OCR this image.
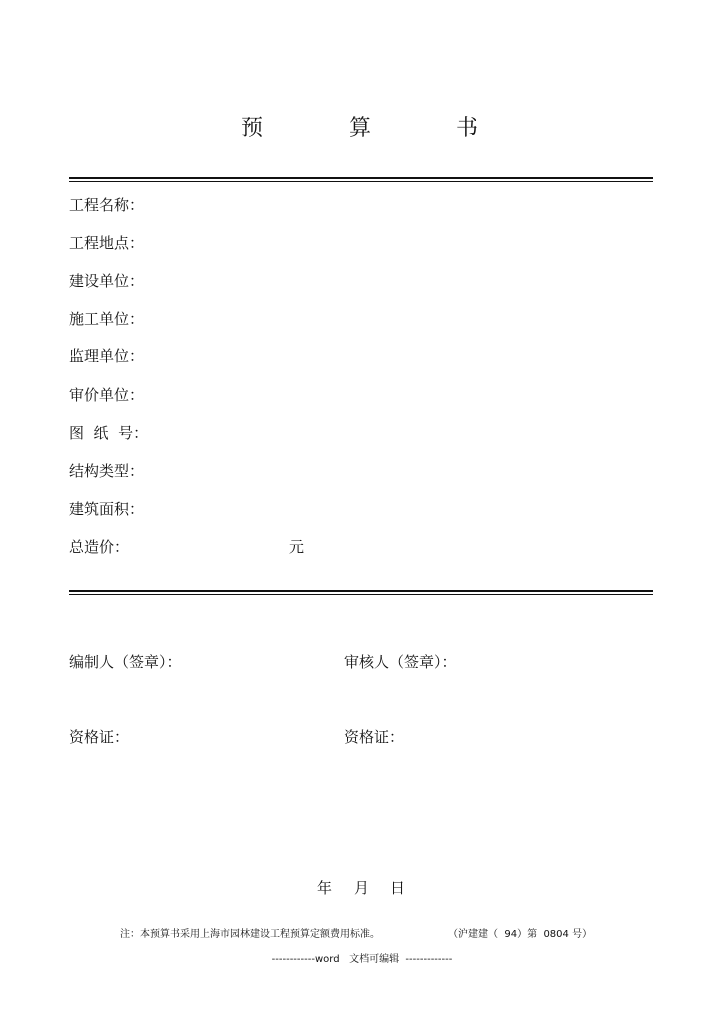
预	算	书
工程名称：
工程地点：
建设单位：
施工单位：
监理单位：
审价单位：
图  纸  号：
结构类型：
建筑面积：
总造价：	元
编制人（签章）：	审核人（签章）：
资格证：	资格证：
年 月 日
注：本预算书采用上海市园林建设工程预算定额费用标准。	（沪建建（  94）第  0804 号）
------------word   文档可编辑  -------------
